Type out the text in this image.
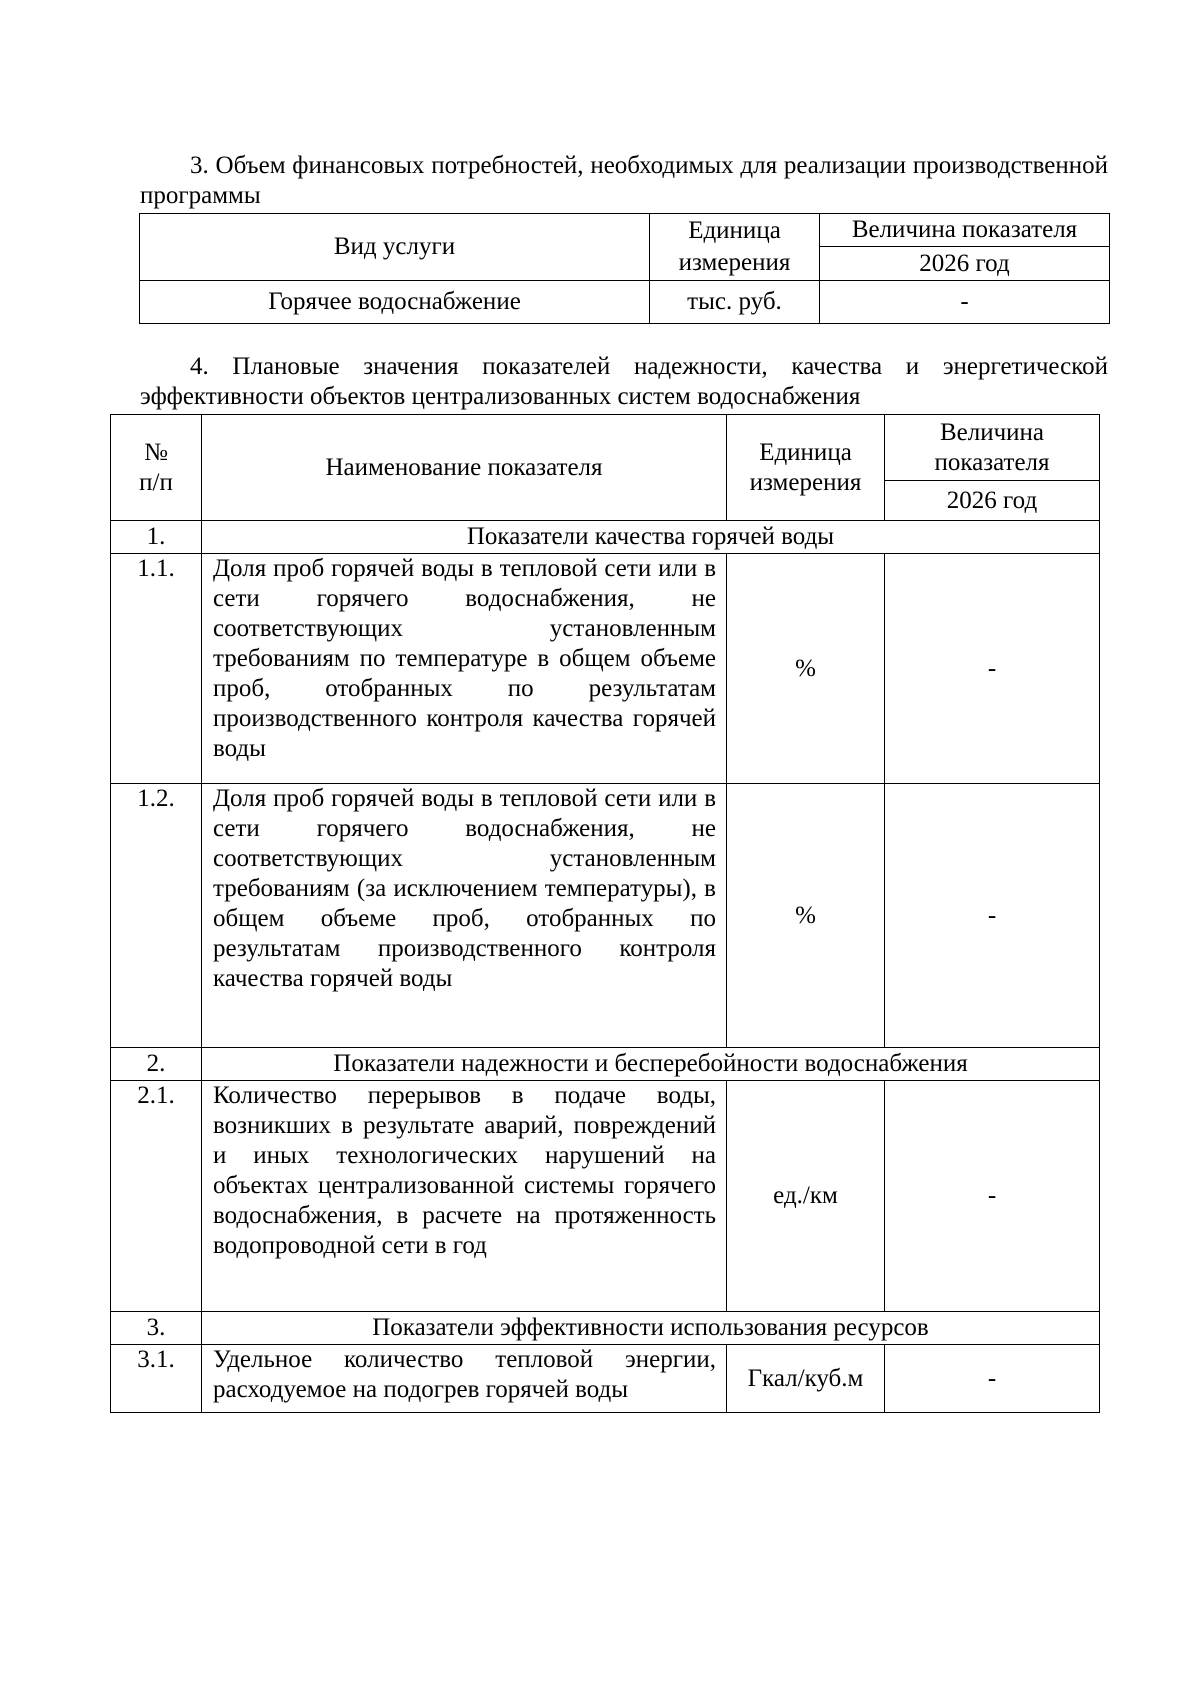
3. Объем финансовых потребностей, необходимых для реализации производственной программы

Вид услуги	Единица измерения	Величина показателя
		2026 год
Горячее водоснабжение	тыс. руб.	-

4. Плановые значения показателей надежности, качества и энергетической эффективности объектов централизованных систем водоснабжения

№ п/п	Наименование показателя	Единица измерения	Величина показателя
			2026 год
1.	Показатели качества горячей воды		
1.1.	Доля проб горячей воды в тепловой сети или в сети горячего водоснабжения, не соответствующих установленным требованиям по температуре в общем объеме проб, отобранных по результатам производственного контроля качества горячей воды	%	-
1.2.	Доля проб горячей воды в тепловой сети или в сети горячего водоснабжения, не соответствующих установленным требованиям (за исключением температуры), в общем объеме проб, отобранных по результатам производственного контроля качества горячей воды	%	-
2.	Показатели надежности и бесперебойности водоснабжения		
2.1.	Количество перерывов в подаче воды, возникших в результате аварий, повреждений и иных технологических нарушений на объектах централизованной системы горячего водоснабжения, в расчете на протяженность водопроводной сети в год	ед./км	-
3.	Показатели эффективности использования ресурсов		
3.1.	Удельное количество тепловой энергии, расходуемое на подогрев горячей воды	Гкал/куб.м	-
